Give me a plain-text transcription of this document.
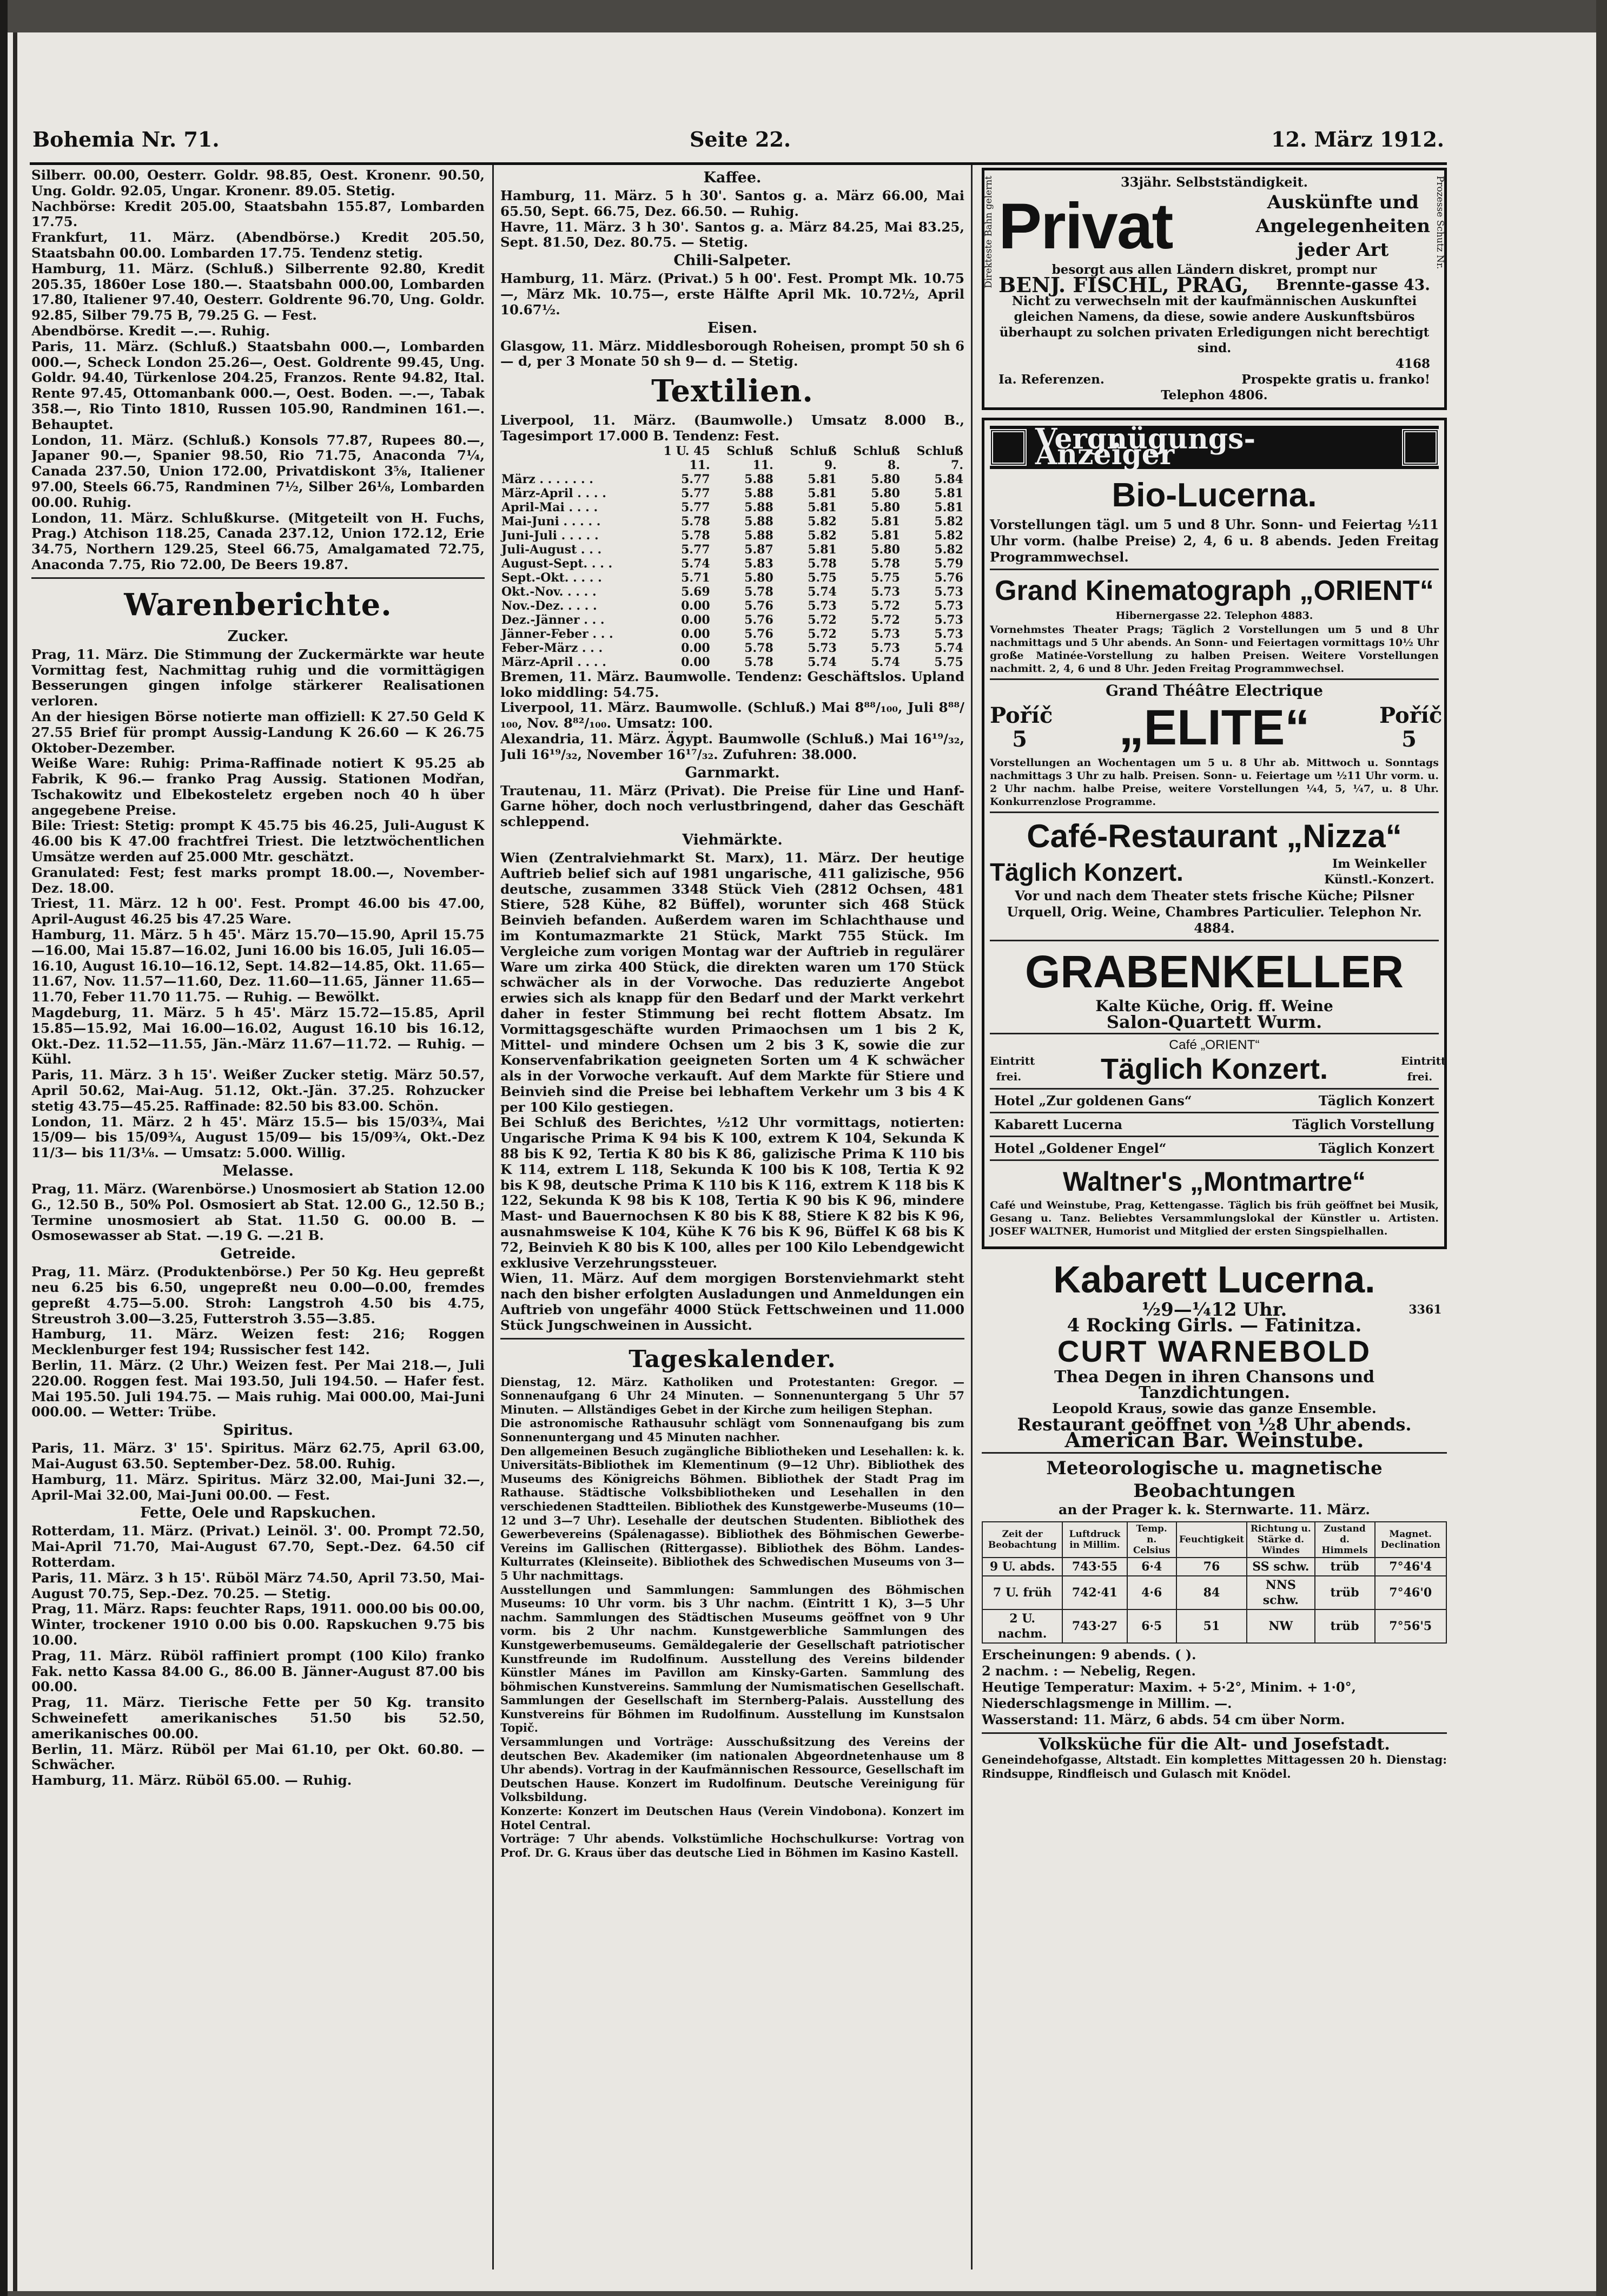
Bohemia Nr. 71.	Seite 22.	12. März 1912.

Silberr. 00.00, Oesterr. Goldr. 98.85, Oest. Kronenr. 90.50, Ung. Goldr. 92.05, Ungar. Kronenr. 89.05. Stetig.

Nachbörse: Kredit 205.00, Staatsbahn 155.87, Lombarden 17.75.

Frankfurt, 11. März. (Abendbörse.) Kredit 205.50, Staatsbahn 00.00. Lombarden 17.75. Tendenz stetig.

Hamburg, 11. März. (Schluß.) Silberrente 92.80, Kredit 205.35, 1860er Lose 180.—. Staatsbahn 000.00, Lombarden 17.80, Italiener 97.40, Oesterr. Goldrente 96.70, Ung. Goldr. 92.85, Silber 79.75 B, 79.25 G. — Fest.

Abendbörse. Kredit —.—. Ruhig.

Paris, 11. März. (Schluß.) Staatsbahn 000.—, Lombarden 000.—, Scheck London 25.26—, Oest. Goldrente 99.45, Ung. Goldr. 94.40, Türkenlose 204.25, Franzos. Rente 94.82, Ital. Rente 97.45, Ottomanbank 000.—, Oest. Boden. —.—, Tabak 358.—, Rio Tinto 1810, Russen 105.90, Randminen 161.—. Behauptet.

London, 11. März. (Schluß.) Konsols 77.87, Rupees 80.—, Japaner 90.—, Spanier 98.50, Rio 71.75, Anaconda 7¼, Canada 237.50, Union 172.00, Privatdiskont 3⅝, Italiener 97.00, Steels 66.75, Randminen 7½, Silber 26⅛, Lombarden 00.00. Ruhig.

London, 11. März. Schlußkurse. (Mitgeteilt von H. Fuchs, Prag.) Atchison 118.25, Canada 237.12, Union 172.12, Erie 34.75, Northern 129.25, Steel 66.75, Amalgamated 72.75, Anaconda 7.75, Rio 72.00, De Beers 19.87.

Warenberichte.
Zucker.

Prag, 11. März. Die Stimmung der Zuckermärkte war heute Vormittag fest, Nachmittag ruhig und die vormittägigen Besserungen gingen infolge stärkerer Realisationen verloren.

An der hiesigen Börse notierte man offiziell: K 27.50 Geld K 27.55 Brief für prompt Aussig-Landung K 26.60 — K 26.75 Oktober-Dezember.

Weiße Ware: Ruhig: Prima-Raffinade notiert K 95.25 ab Fabrik, K 96.— franko Prag Aussig. Stationen Modřan, Tschakowitz und Elbekosteletz ergeben noch 40 h über angegebene Preise.

Bile: Triest: Stetig: prompt K 45.75 bis 46.25, Juli-August K 46.00 bis K 47.00 frachtfrei Triest. Die letztwöchentlichen Umsätze werden auf 25.000 Mtr. geschätzt.

Granulated: Fest; fest marks prompt 18.00.—, November-Dez. 18.00.

Triest, 11. März. 12 h 00'. Fest. Prompt 46.00 bis 47.00, April-August 46.25 bis 47.25 Ware.

Hamburg, 11. März. 5 h 45'. März 15.70—15.90, April 15.75—16.00, Mai 15.87—16.02, Juni 16.00 bis 16.05, Juli 16.05—16.10, August 16.10—16.12, Sept. 14.82—14.85, Okt. 11.65—11.67, Nov. 11.57—11.60, Dez. 11.60—11.65, Jänner 11.65—11.70, Feber 11.70 11.75. — Ruhig. — Bewölkt.

Magdeburg, 11. März. 5 h 45'. März 15.72—15.85, April 15.85—15.92, Mai 16.00—16.02, August 16.10 bis 16.12, Okt.-Dez. 11.52—11.55, Jän.-März 11.67—11.72. — Ruhig. — Kühl.

Paris, 11. März. 3 h 15'. Weißer Zucker stetig. März 50.57, April 50.62, Mai-Aug. 51.12, Okt.-Jän. 37.25. Rohzucker stetig 43.75—45.25. Raffinade: 82.50 bis 83.00. Schön.

London, 11. März. 2 h 45'. März 15.5— bis 15/03¾, Mai 15/09— bis 15/09¾, August 15/09— bis 15/09¾, Okt.-Dez 11/3— bis 11/3⅛. — Umsatz: 5.000. Willig.

Melasse.

Prag, 11. März. (Warenbörse.) Unosmosiert ab Station 12.00 G., 12.50 B., 50% Pol. Osmosiert ab Stat. 12.00 G., 12.50 B.; Termine unosmosiert ab Stat. 11.50 G. 00.00 B. — Osmosewasser ab Stat. —.19 G. —.21 B.

Getreide.

Prag, 11. März. (Produktenbörse.) Per 50 Kg. Heu gepreßt neu 6.25 bis 6.50, ungepreßt neu 0.00—0.00, fremdes gepreßt 4.75—5.00. Stroh: Langstroh 4.50 bis 4.75, Streustroh 3.00—3.25, Futterstroh 3.55—3.85.

Hamburg, 11. März. Weizen fest: 216; Roggen Mecklenburger fest 194; Russischer fest 142.

Berlin, 11. März. (2 Uhr.) Weizen fest. Per Mai 218.—, Juli 220.00. Roggen fest. Mai 193.50, Juli 194.50. — Hafer fest. Mai 195.50. Juli 194.75. — Mais ruhig. Mai 000.00, Mai-Juni 000.00. — Wetter: Trübe.

Spiritus.

Paris, 11. März. 3' 15'. Spiritus. März 62.75, April 63.00, Mai-August 63.50. September-Dez. 58.00. Ruhig.

Hamburg, 11. März. Spiritus. März 32.00, Mai-Juni 32.—, April-Mai 32.00, Mai-Juni 00.00. — Fest.

Fette, Oele und Rapskuchen.

Rotterdam, 11. März. (Privat.) Leinöl. 3'. 00. Prompt 72.50, Mai-April 71.70, Mai-August 67.70, Sept.-Dez. 64.50 cif Rotterdam.

Paris, 11. März. 3 h 15'. Rüböl März 74.50, April 73.50, Mai-August 70.75, Sep.-Dez. 70.25. — Stetig.

Prag, 11. März. Raps: feuchter Raps, 1911. 000.00 bis 00.00, Winter, trockener 1910 0.00 bis 0.00. Rapskuchen 9.75 bis 10.00.

Prag, 11. März. Rüböl raffiniert prompt (100 Kilo) franko Fak. netto Kassa 84.00 G., 86.00 B. Jänner-August 87.00 bis 00.00.

Prag, 11. März. Tierische Fette per 50 Kg. transito Schweinefett amerikanisches 51.50 bis 52.50, amerikanisches 00.00.

Berlin, 11. März. Rüböl per Mai 61.10, per Okt. 60.80. — Schwächer.

Hamburg, 11. März. Rüböl 65.00. — Ruhig.

Kaffee.

Hamburg, 11. März. 5 h 30'. Santos g. a. März 66.00, Mai 65.50, Sept. 66.75, Dez. 66.50. — Ruhig.

Havre, 11. März. 3 h 30'. Santos g. a. März 84.25, Mai 83.25, Sept. 81.50, Dez. 80.75. — Stetig.

Chili-Salpeter.

Hamburg, 11. März. (Privat.) 5 h 00'. Fest. Prompt Mk. 10.75—, März Mk. 10.75—, erste Hälfte April Mk. 10.72½, April 10.67½.

Eisen.

Glasgow, 11. März. Middlesborough Roheisen, prompt 50 sh 6— d, per 3 Monate 50 sh 9— d. — Stetig.

Textilien.

Liverpool, 11. März. (Baumwolle.) Umsatz 8.000 B., Tagesimport 17.000 B. Tendenz: Fest.

	1 U. 45	Schluß	Schluß	Schluß	Schluß
	11.	11.	9.	8.	7.
März . . . . . . .	5.77	5.88	5.81	5.80	5.84
März-April . . . .	5.77	5.88	5.81	5.80	5.81
April-Mai . . . .	5.77	5.88	5.81	5.80	5.81
Mai-Juni . . . . .	5.78	5.88	5.82	5.81	5.82
Juni-Juli . . . . .	5.78	5.88	5.82	5.81	5.82
Juli-August . . .	5.77	5.87	5.81	5.80	5.82
August-Sept. . . .	5.74	5.83	5.78	5.78	5.79
Sept.-Okt. . . . .	5.71	5.80	5.75	5.75	5.76
Okt.-Nov. . . . .	5.69	5.78	5.74	5.73	5.73
Nov.-Dez. . . . .	0.00	5.76	5.73	5.72	5.73
Dez.-Jänner . . .	0.00	5.76	5.72	5.72	5.73
Jänner-Feber . . .	0.00	5.76	5.72	5.73	5.73
Feber-März . . .	0.00	5.78	5.73	5.73	5.74
März-April . . . .	0.00	5.78	5.74	5.74	5.75

Bremen, 11. März. Baumwolle. Tendenz: Geschäftslos. Upland loko middling: 54.75.

Liverpool, 11. März. Baumwolle. (Schluß.) Mai 8⁸⁸/₁₀₀, Juli 8⁸⁸/₁₀₀, Nov. 8⁸²/₁₀₀. Umsatz: 100.

Alexandria, 11. März. Ägypt. Baumwolle (Schluß.) Mai 16¹⁹/₃₂, Juli 16¹⁹/₃₂, November 16¹⁷/₃₂. Zufuhren: 38.000.

Garnmarkt.

Trautenau, 11. März (Privat). Die Preise für Line und Hanf-Garne höher, doch noch verlustbringend, daher das Geschäft schleppend.

Viehmärkte.

Wien (Zentralviehmarkt St. Marx), 11. März. Der heutige Auftrieb belief sich auf 1981 ungarische, 411 galizische, 956 deutsche, zusammen 3348 Stück Vieh (2812 Ochsen, 481 Stiere, 528 Kühe, 82 Büffel), worunter sich 468 Stück Beinvieh befanden. Außerdem waren im Schlachthause und im Kontumazmarkte 21 Stück, Markt 755 Stück. Im Vergleiche zum vorigen Montag war der Auftrieb in regulärer Ware um zirka 400 Stück, die direkten waren um 170 Stück schwächer als in der Vorwoche. Das reduzierte Angebot erwies sich als knapp für den Bedarf und der Markt verkehrt daher in fester Stimmung bei recht flottem Absatz. Im Vormittagsgeschäfte wurden Primaochsen um 1 bis 2 K, Mittel- und mindere Ochsen um 2 bis 3 K, sowie die zur Konservenfabrikation geeigneten Sorten um 4 K schwächer als in der Vorwoche verkauft. Auf dem Markte für Stiere und Beinvieh sind die Preise bei lebhaftem Verkehr um 3 bis 4 K per 100 Kilo gestiegen.

Bei Schluß des Berichtes, ½12 Uhr vormittags, notierten: Ungarische Prima K 94 bis K 100, extrem K 104, Sekunda K 88 bis K 92, Tertia K 80 bis K 86, galizische Prima K 110 bis K 114, extrem L 118, Sekunda K 100 bis K 108, Tertia K 92 bis K 98, deutsche Prima K 110 bis K 116, extrem K 118 bis K 122, Sekunda K 98 bis K 108, Tertia K 90 bis K 96, mindere Mast- und Bauernochsen K 80 bis K 88, Stiere K 82 bis K 96, ausnahmsweise K 104, Kühe K 76 bis K 96, Büffel K 68 bis K 72, Beinvieh K 80 bis K 100, alles per 100 Kilo Lebendgewicht exklusive Verzehrungssteuer.

Wien, 11. März. Auf dem morgigen Borstenviehmarkt steht nach den bisher erfolgten Ausladungen und Anmeldungen ein Auftrieb von ungefähr 4000 Stück Fettschweinen und 11.000 Stück Jungschweinen in Aussicht.

Tageskalender.

Dienstag, 12. März. Katholiken und Protestanten: Gregor. — Sonnenaufgang 6 Uhr 24 Minuten. — Sonnenuntergang 5 Uhr 57 Minuten. — Allständiges Gebet in der Kirche zum heiligen Stephan.

Die astronomische Rathausuhr schlägt vom Sonnenaufgang bis zum Sonnenuntergang und 45 Minuten nachher.

Den allgemeinen Besuch zugängliche Bibliotheken und Lesehallen: k. k. Universitäts-Bibliothek im Klementinum (9—12 Uhr). Bibliothek des Museums des Königreichs Böhmen. Bibliothek der Stadt Prag im Rathause. Städtische Volksbibliotheken und Lesehallen in den verschiedenen Stadtteilen. Bibliothek des Kunstgewerbe-Museums (10—12 und 3—7 Uhr). Lesehalle der deutschen Studenten. Bibliothek des Gewerbevereins (Spálenagasse). Bibliothek des Böhmischen Gewerbe-Vereins im Gallischen (Rittergasse). Bibliothek des Böhm. Landes-Kulturrates (Kleinseite). Bibliothek des Schwedischen Museums von 3—5 Uhr nachmittags.

Ausstellungen und Sammlungen: Sammlungen des Böhmischen Museums: 10 Uhr vorm. bis 3 Uhr nachm. (Eintritt 1 K), 3—5 Uhr nachm. Sammlungen des Städtischen Museums geöffnet von 9 Uhr vorm. bis 2 Uhr nachm. Kunstgewerbliche Sammlungen des Kunstgewerbemuseums. Gemäldegalerie der Gesellschaft patriotischer Kunstfreunde im Rudolfinum. Ausstellung des Vereins bildender Künstler Mánes im Pavillon am Kinsky-Garten. Sammlung des böhmischen Kunstvereins. Sammlung der Numismatischen Gesellschaft. Sammlungen der Gesellschaft im Sternberg-Palais. Ausstellung des Kunstvereins für Böhmen im Rudolfinum. Ausstellung im Kunstsalon Topič.

Versammlungen und Vorträge: Ausschußsitzung des Vereins der deutschen Bev. Akademiker (im nationalen Abgeordnetenhause um 8 Uhr abends). Vortrag in der Kaufmännischen Ressource, Gesellschaft im Deutschen Hause. Konzert im Rudolfinum. Deutsche Vereinigung für Volksbildung.

Konzerte: Konzert im Deutschen Haus (Verein Vindobona). Konzert im Hotel Central.

Vorträge: 7 Uhr abends. Volkstümliche Hochschulkurse: Vortrag von Prof. Dr. G. Kraus über das deutsche Lied in Böhmen im Kasino Kastell.

Direkteste Bahn gelernt	Prozesse Schutz Nr.
33jähr. Selbstständigkeit.
Privat	Auskünfte und
Angelegenheiten
jeder Art
besorgt aus allen Ländern diskret, prompt nur
BENJ. FISCHL, PRAG, Brennte-gasse 43.
Nicht zu verwechseln mit der kaufmännischen Auskunftei gleichen Namens, da diese, sowie andere Auskunftsbüros überhaupt zu solchen privaten Erledigungen nicht berechtigt sind.
4168
Ia. Referenzen.	Prospekte gratis u. franko!
Telephon 4806.
Vergnügungs-Anzeiger
Bio-Lucerna.
Vorstellungen tägl. um 5 und 8 Uhr. Sonn- und Feiertag ½11 Uhr vorm. (halbe Preise) 2, 4, 6 u. 8 abends. Jeden Freitag Programmwechsel.
Grand Kinematograph „ORIENT“
Hibernergasse 22. Telephon 4883.
Vornehmstes Theater Prags; Täglich 2 Vorstellungen um 5 und 8 Uhr nachmittags und 5 Uhr abends. An Sonn- und Feiertagen vormittags 10½ Uhr große Matinée-Vorstellung zu halben Preisen. Weitere Vorstellungen nachmitt. 2, 4, 6 und 8 Uhr. Jeden Freitag Programmwechsel.
Grand Théâtre Electrique
Poříč 5	„ELITE“	Poříč 5
Vorstellungen an Wochentagen um 5 u. 8 Uhr ab. Mittwoch u. Sonntags nachmittags 3 Uhr zu halb. Preisen. Sonn- u. Feiertage um ½11 Uhr vorm. u. 2 Uhr nachm. halbe Preise, weitere Vorstellungen ¼4, 5, ¼7, u. 8 Uhr. Konkurrenzlose Programme.
Café-Restaurant „Nizza“
Täglich Konzert.	Im Weinkeller Künstl.-Konzert.
Vor und nach dem Theater stets frische Küche; Pilsner Urquell, Orig. Weine, Chambres Particulier. Telephon Nr. 4884.
GRABENKELLER
Kalte Küche, Orig. ff. Weine
Salon-Quartett Wurm.
Café „ORIENT“
Eintritt frei.	Täglich Konzert.	Eintritt frei.
Hotel „Zur goldenen Gans“	Täglich Konzert
Kabarett Lucerna	Täglich Vorstellung
Hotel „Goldener Engel“	Täglich Konzert
Waltner's „Montmartre“
Café und Weinstube, Prag, Kettengasse. Täglich bis früh geöffnet bei Musik, Gesang u. Tanz. Beliebtes Versammlungslokal der Künstler u. Artisten. JOSEF WALTNER, Humorist und Mitglied der ersten Singspielhallen.
Kabarett Lucerna.
½9—¼12 Uhr.	3361
4 Rocking Girls. — Fatinitza.
CURT WARNEBOLD
Thea Degen in ihren Chansons und Tanzdichtungen.
Leopold Kraus, sowie das ganze Ensemble.
Restaurant geöffnet von ½8 Uhr abends.
American Bar. Weinstube.
Meteorologische u. magnetische Beobachtungen
an der Prager k. k. Sternwarte. 11. März.
Zeit der Beobachtung	Luftdruck in Millim.	Temp. n. Celsius	Feuchtigkeit	Richtung u. Stärke d. Windes	Zustand d. Himmels	Magnet. Declination
9 U. abds.	743·55	6·4	76	SS schw.	trüb	7°46'4
7 U. früh	742·41	4·6	84	NNS schw.	trüb	7°46'0
2 U. nachm.	743·27	6·5	51	NW	trüb	7°56'5
Erscheinungen: 9 abends. ( ).
2 nachm. : — Nebelig, Regen.
Heutige Temperatur: Maxim. + 5·2°, Minim. + 1·0°,
Niederschlagsmenge in Millim. —.
Wasserstand: 11. März, 6 abds. 54 cm über Norm.
Volksküche für die Alt- und Josefstadt.
Geneindehofgasse, Altstadt. Ein komplettes Mittagessen 20 h. Dienstag: Rindsuppe, Rindfleisch und Gulasch mit Knödel.
